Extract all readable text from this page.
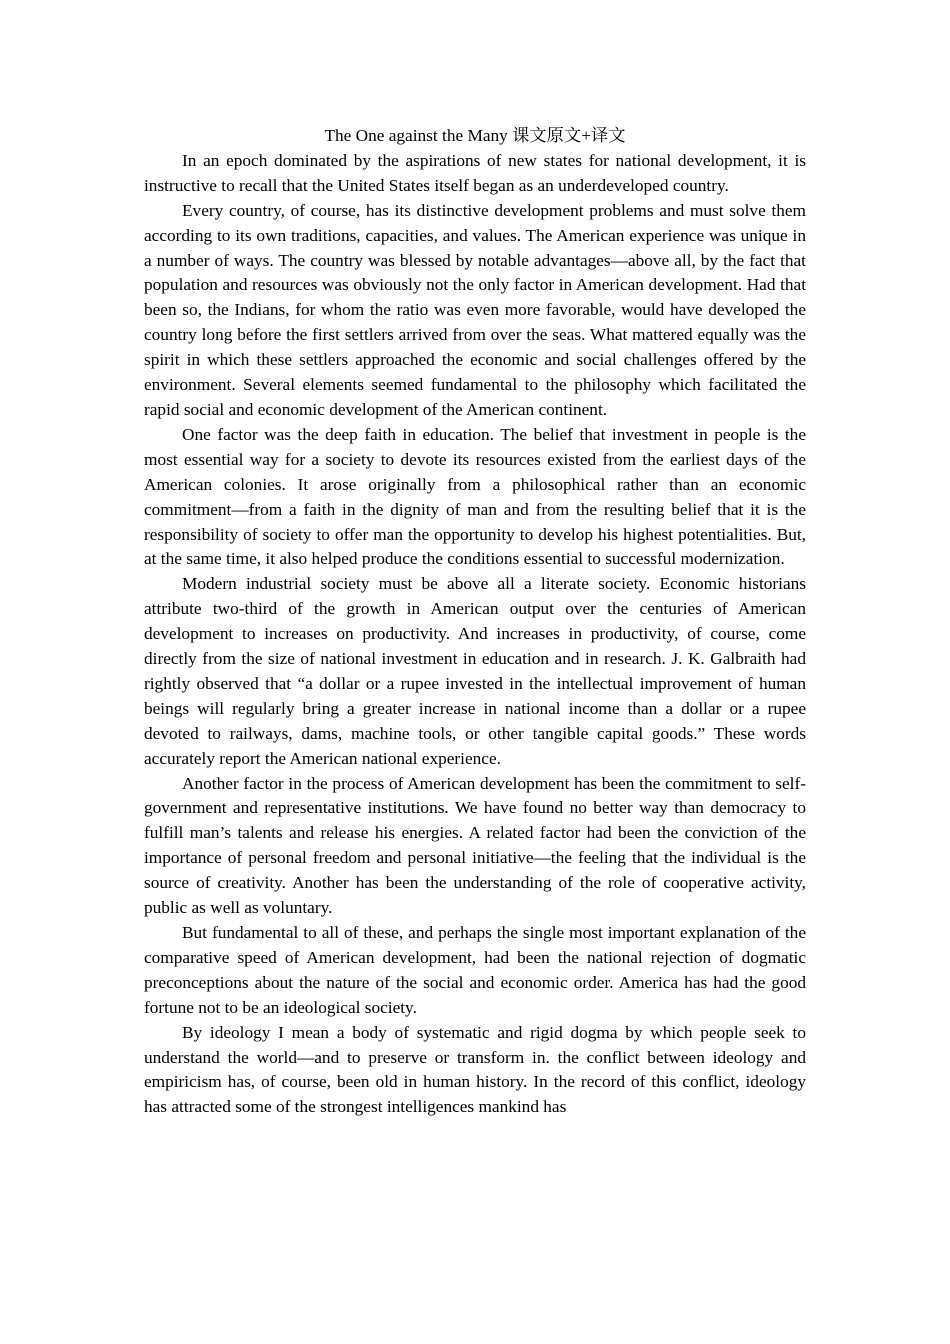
The One against the Many 课文原文+译文

In an epoch dominated by the aspirations of new states for national development, it is instructive to recall that the United States itself began as an underdeveloped country.

Every country, of course, has its distinctive development problems and must solve them according to its own traditions, capacities, and values. The American experience was unique in a number of ways. The country was blessed by notable advantages—above all, by the fact that population and resources was obviously not the only factor in American development. Had that been so, the Indians, for whom the ratio was even more favorable, would have developed the country long before the first settlers arrived from over the seas. What mattered equally was the spirit in which these settlers approached the economic and social challenges offered by the environment. Several elements seemed fundamental to the philosophy which facilitated the rapid social and economic development of the American continent.

One factor was the deep faith in education. The belief that investment in people is the most essential way for a society to devote its resources existed from the earliest days of the American colonies. It arose originally from a philosophical rather than an economic commitment—from a faith in the dignity of man and from the resulting belief that it is the responsibility of society to offer man the opportunity to develop his highest potentialities. But, at the same time, it also helped produce the conditions essential to successful modernization.

Modern industrial society must be above all a literate society. Economic historians attribute two-third of the growth in American output over the centuries of American development to increases on productivity. And increases in productivity, of course, come directly from the size of national investment in education and in research. J. K. Galbraith had rightly observed that “a dollar or a rupee invested in the intellectual improvement of human beings will regularly bring a greater increase in national income than a dollar or a rupee devoted to railways, dams, machine tools, or other tangible capital goods.” These words accurately report the American national experience.

Another factor in the process of American development has been the commitment to self-government and representative institutions. We have found no better way than democracy to fulfill man’s talents and release his energies. A related factor had been the conviction of the importance of personal freedom and personal initiative—the feeling that the individual is the source of creativity. Another has been the understanding of the role of cooperative activity, public as well as voluntary.

But fundamental to all of these, and perhaps the single most important explanation of the comparative speed of American development, had been the national rejection of dogmatic preconceptions about the nature of the social and economic order. America has had the good fortune not to be an ideological society.

By ideology I mean a body of systematic and rigid dogma by which people seek to understand the world—and to preserve or transform in. the conflict between ideology and empiricism has, of course, been old in human history. In the record of this conflict, ideology has attracted some of the strongest intelligences mankind has
